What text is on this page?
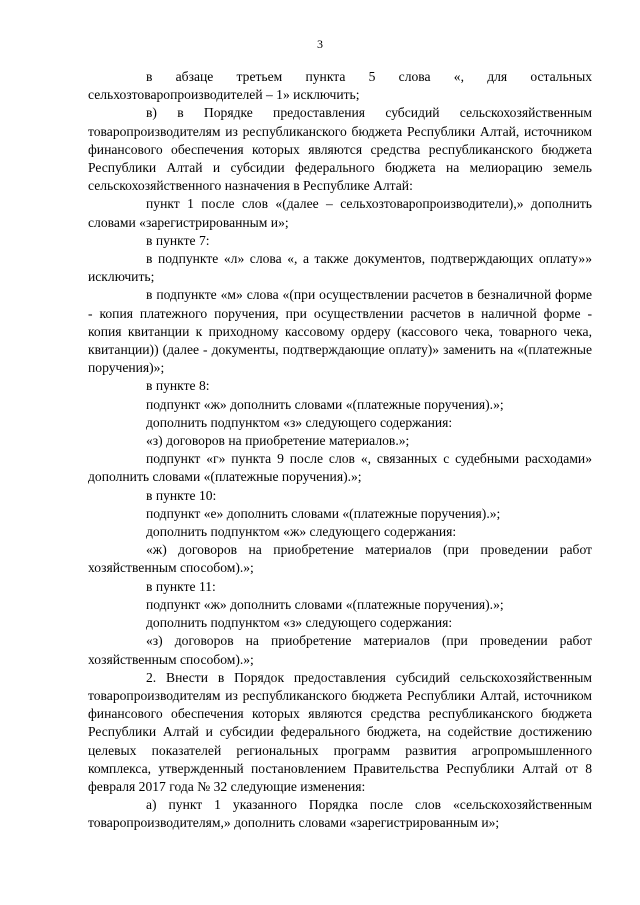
3

в абзаце третьем пункта 5 слова «, для остальных сельхозтоваропроизводителей – 1» исключить;

в) в Порядке предоставления субсидий сельскохозяйственным товаропроизводителям из республиканского бюджета Республики Алтай, источником финансового обеспечения которых являются средства республиканского бюджета Республики Алтай и субсидии федерального бюджета на мелиорацию земель сельскохозяйственного назначения в Республике Алтай:

пункт 1 после слов «(далее – сельхозтоваропроизводители),» дополнить словами «зарегистрированным и»;

в пункте 7:

в подпункте «л» слова «, а также документов, подтверждающих оплату»» исключить;

в подпункте «м» слова «(при осуществлении расчетов в безналичной форме - копия платежного поручения, при осуществлении расчетов в наличной форме - копия квитанции к приходному кассовому ордеру (кассового чека, товарного чека, квитанции)) (далее - документы, подтверждающие оплату)» заменить на «(платежные поручения)»;

в пункте 8:

подпункт «ж» дополнить словами «(платежные поручения).»;

дополнить подпунктом «з» следующего содержания:

«з) договоров на приобретение материалов.»;

подпункт «г» пункта 9 после слов «, связанных с судебными расходами» дополнить словами «(платежные поручения).»;

в пункте 10:

подпункт «е» дополнить словами «(платежные поручения).»;

дополнить подпунктом «ж» следующего содержания:

«ж) договоров на приобретение материалов (при проведении работ хозяйственным способом).»;

в пункте 11:

подпункт «ж» дополнить словами «(платежные поручения).»;

дополнить подпунктом «з» следующего содержания:

«з) договоров на приобретение материалов (при проведении работ хозяйственным способом).»;

2. Внести в Порядок предоставления субсидий сельскохозяйственным товаропроизводителям из республиканского бюджета Республики Алтай, источником финансового обеспечения которых являются средства республиканского бюджета Республики Алтай и субсидии федерального бюджета, на содействие достижению целевых показателей региональных программ развития агропромышленного комплекса, утвержденный постановлением Правительства Республики Алтай от 8 февраля 2017 года № 32 следующие изменения:

а) пункт 1 указанного Порядка после слов «сельскохозяйственным товаропроизводителям,» дополнить словами «зарегистрированным и»;
